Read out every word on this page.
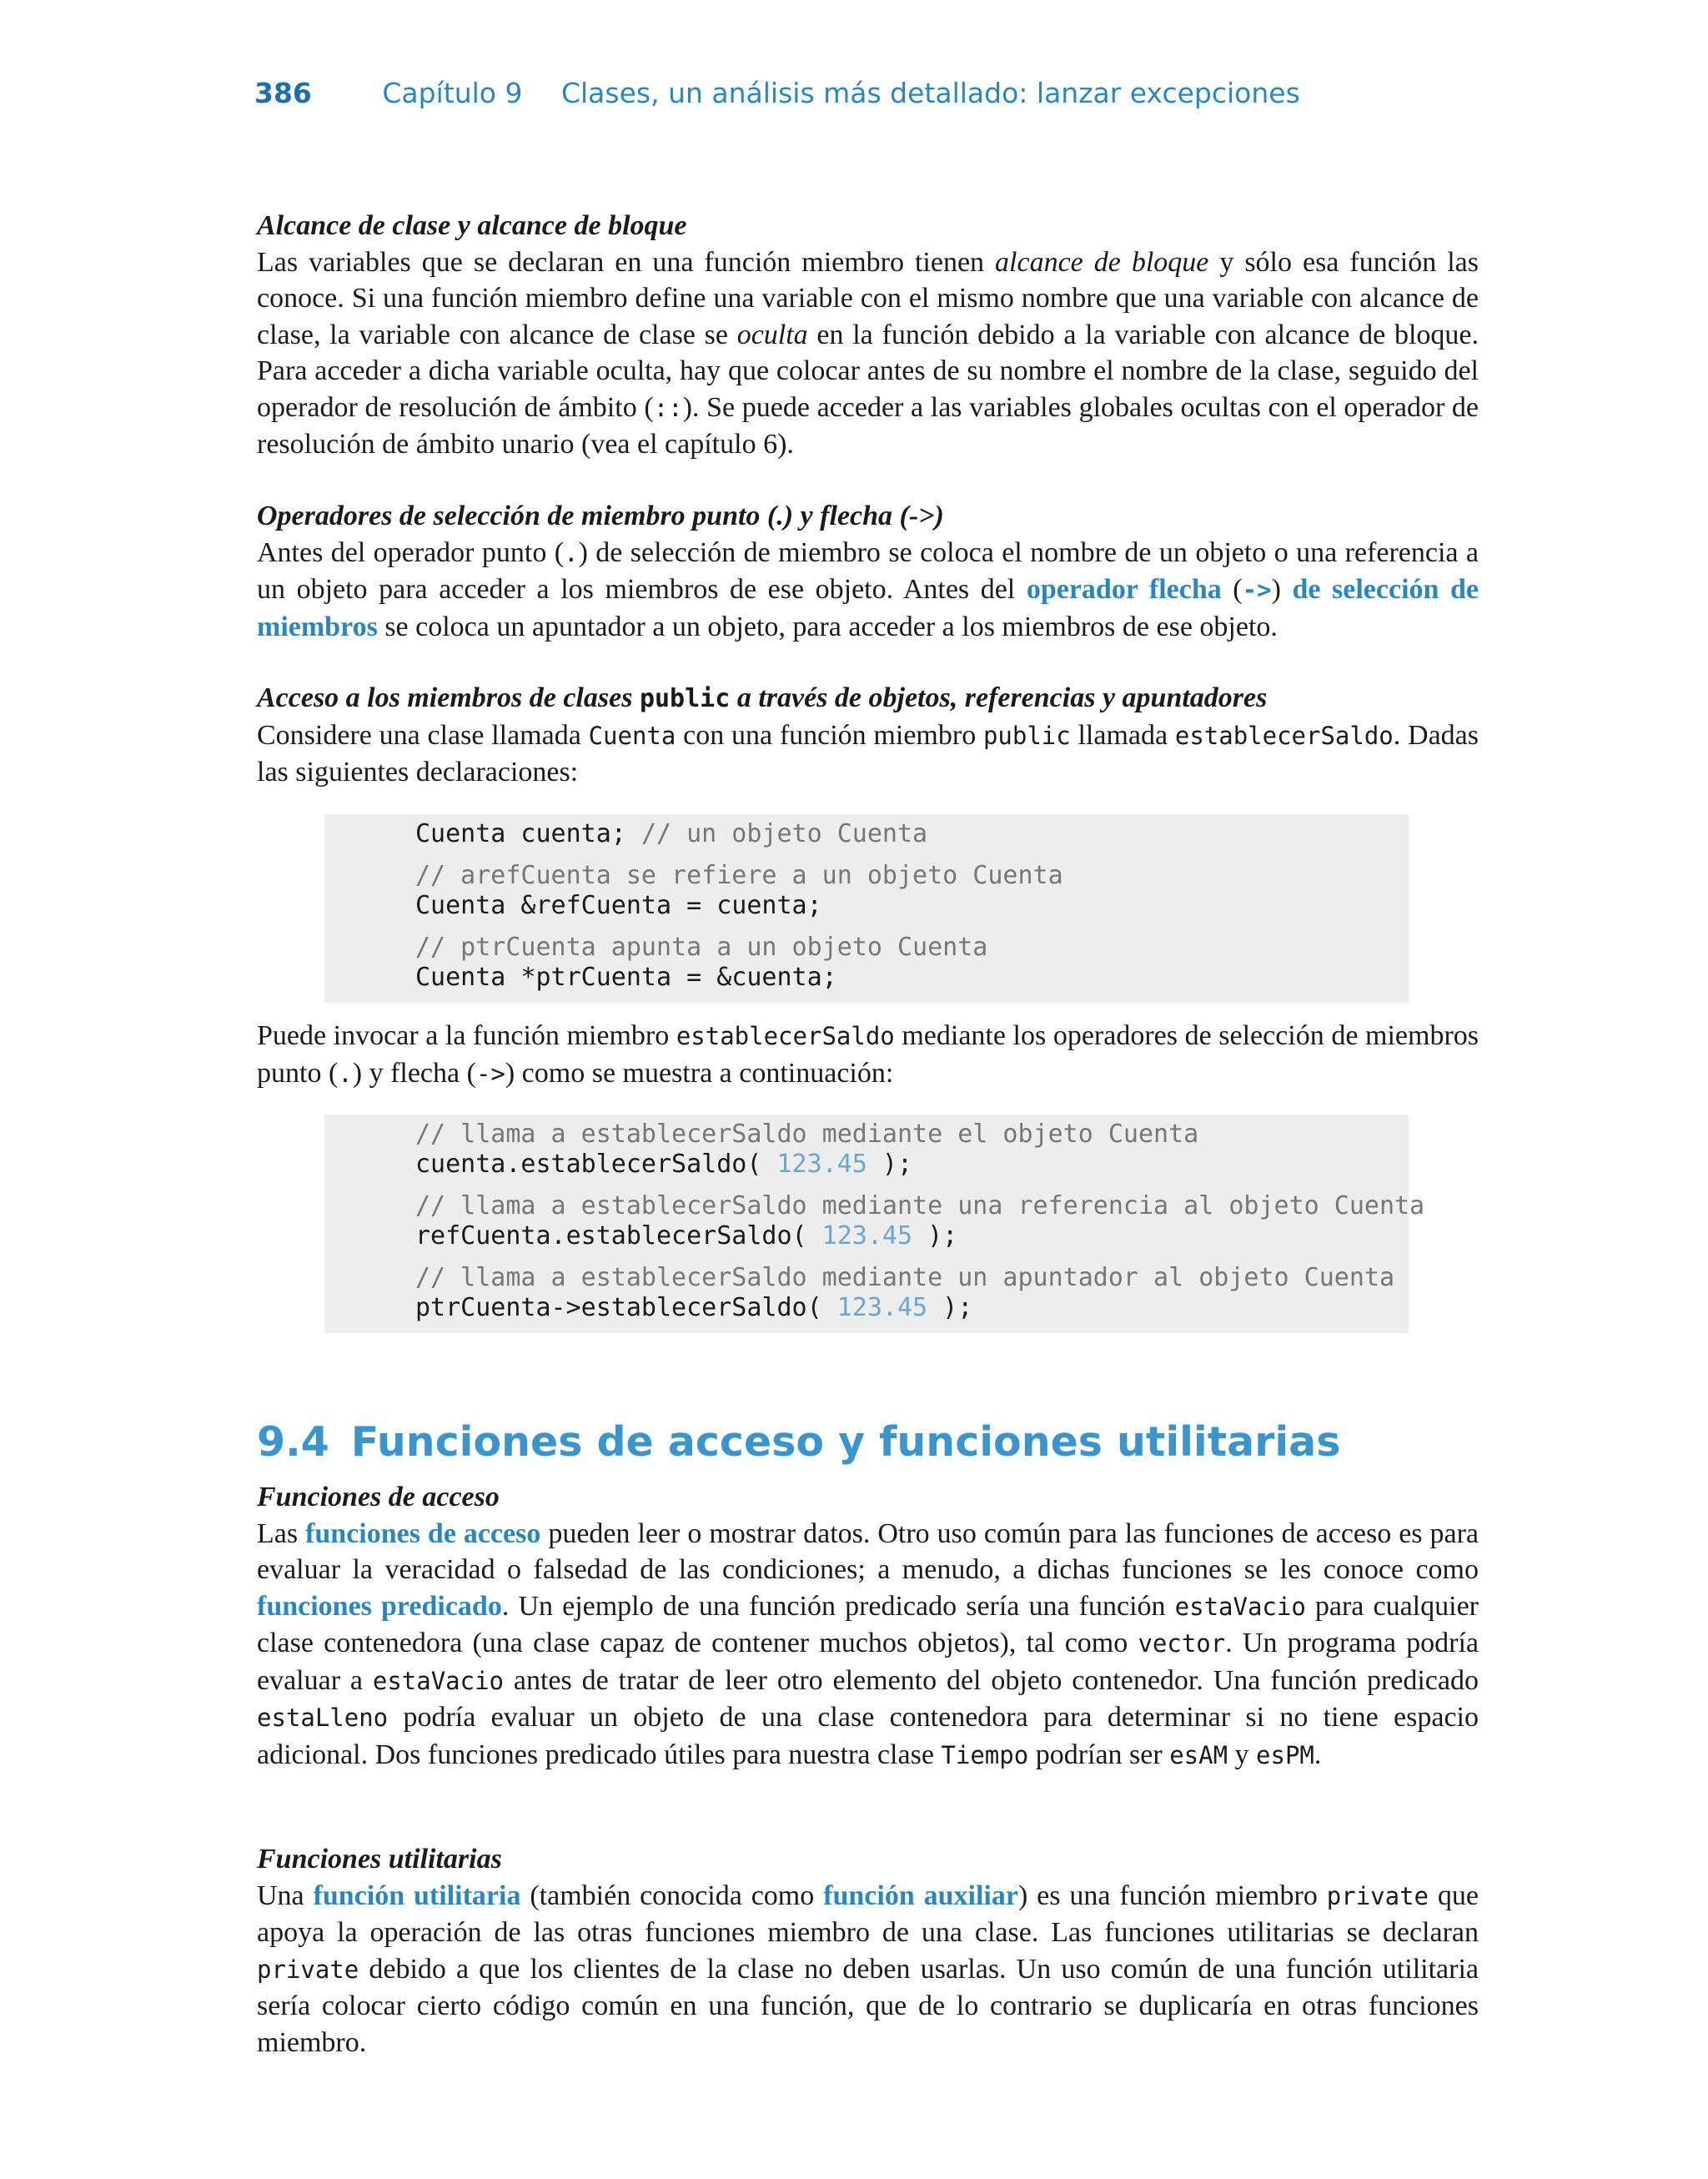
386	Capítulo 9 Clases, un análisis más detallado: lanzar excepciones
Alcance de clase y alcance de bloque

Las variables que se declaran en una función miembro tienen alcance de bloque y sólo esa función las conoce. Si una función miembro define una variable con el mismo nombre que una variable con alcance de clase, la variable con alcance de clase se oculta en la función debido a la variable con alcance de bloque. Para acceder a dicha variable oculta, hay que colocar antes de su nombre el nombre de la clase, seguido del operador de resolución de ámbito (::). Se puede acceder a las variables globales ocultas con el operador de resolución de ámbito unario (vea el capítulo 6).

Operadores de selección de miembro punto (.) y flecha (->)

Antes del operador punto (.) de selección de miembro se coloca el nombre de un objeto o una referencia a un objeto para acceder a los miembros de ese objeto. Antes del operador flecha (->) de selección de miembros se coloca un apuntador a un objeto, para acceder a los miembros de ese objeto.

Acceso a los miembros de clases public a través de objetos, referencias y apuntadores

Considere una clase llamada Cuenta con una función miembro public llamada establecerSaldo. Dadas las siguientes declaraciones:

Cuenta cuenta; // un objeto Cuenta
// arefCuenta se refiere a un objeto Cuenta
Cuenta &refCuenta = cuenta;
// ptrCuenta apunta a un objeto Cuenta
Cuenta *ptrCuenta = &cuenta;

Puede invocar a la función miembro establecerSaldo mediante los operadores de selección de miembros punto (.) y flecha (->) como se muestra a continuación:

// llama a establecerSaldo mediante el objeto Cuenta
cuenta.establecerSaldo( 123.45 );
// llama a establecerSaldo mediante una referencia al objeto Cuenta
refCuenta.establecerSaldo( 123.45 );
// llama a establecerSaldo mediante un apuntador al objeto Cuenta
ptrCuenta->establecerSaldo( 123.45 );
9.4 Funciones de acceso y funciones utilitarias
Funciones de acceso

Las funciones de acceso pueden leer o mostrar datos. Otro uso común para las funciones de acceso es para evaluar la veracidad o falsedad de las condiciones; a menudo, a dichas funciones se les conoce como funciones predicado. Un ejemplo de una función predicado sería una función estaVacio para cualquier clase contenedora (una clase capaz de contener muchos objetos), tal como vector. Un programa podría evaluar a estaVacio antes de tratar de leer otro elemento del objeto contenedor. Una función predicado estaLleno podría evaluar un objeto de una clase contenedora para determinar si no tiene espacio adicional. Dos funciones predicado útiles para nuestra clase Tiempo podrían ser esAM y esPM.

Funciones utilitarias

Una función utilitaria (también conocida como función auxiliar) es una función miembro private que apoya la operación de las otras funciones miembro de una clase. Las funciones utilitarias se declaran private debido a que los clientes de la clase no deben usarlas. Un uso común de una función utilitaria sería colocar cierto código común en una función, que de lo contrario se duplicaría en otras funciones miembro.
